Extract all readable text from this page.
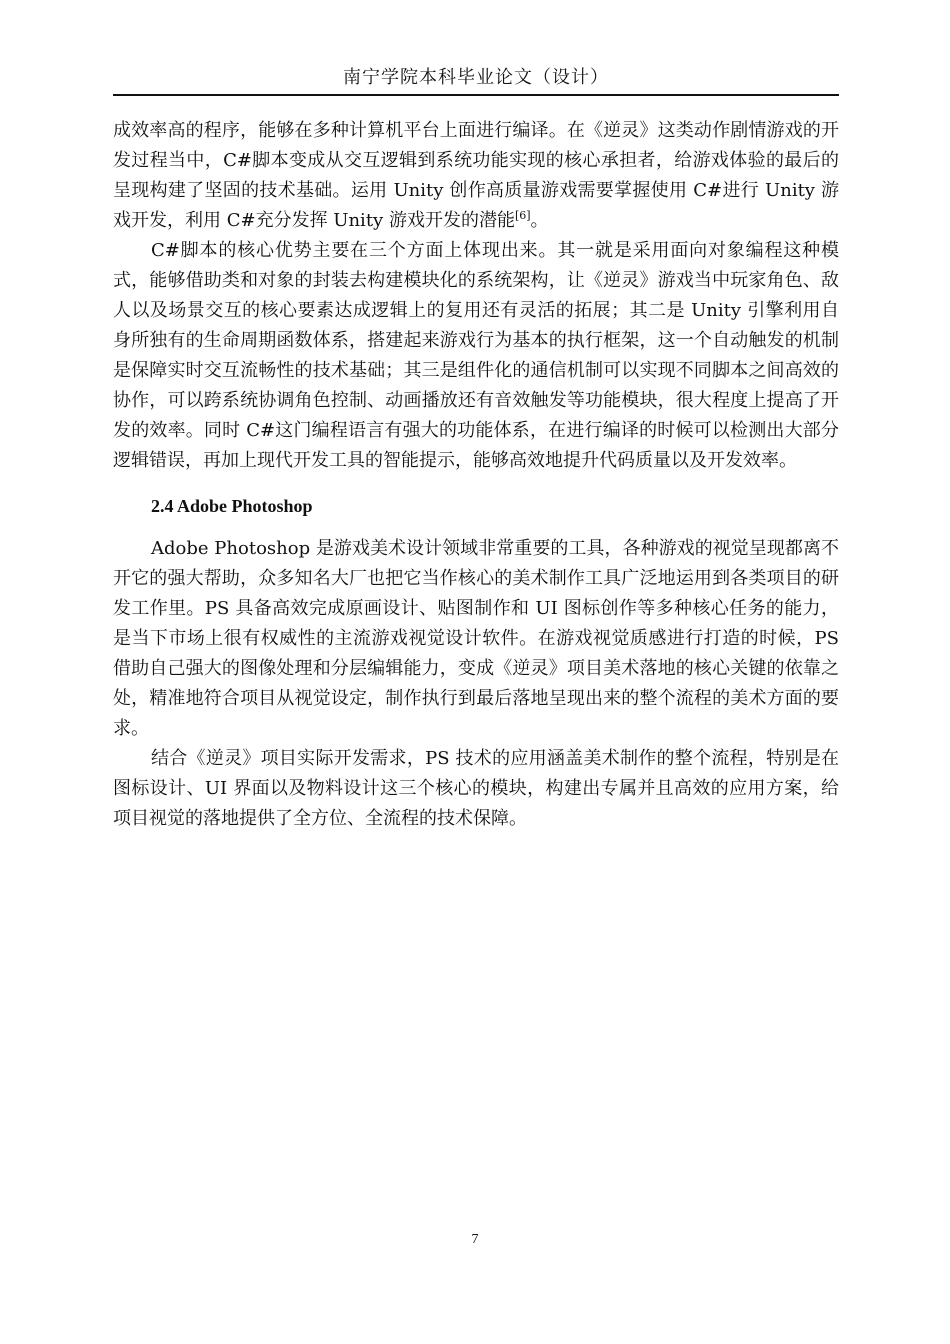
南宁学院本科毕业论文（设计）

成效率高的程序，能够在多种计算机平台上面进行编译。在《逆灵》这类动作剧情游戏的开发过程当中，C#脚本变成从交互逻辑到系统功能实现的核心承担者，给游戏体验的最后的呈现构建了坚固的技术基础。运用 Unity 创作高质量游戏需要掌握使用 C#进行 Unity 游戏开发，利用 C#充分发挥 Unity 游戏开发的潜能[6]。

C#脚本的核心优势主要在三个方面上体现出来。其一就是采用面向对象编程这种模式，能够借助类和对象的封装去构建模块化的系统架构，让《逆灵》游戏当中玩家角色、敌人以及场景交互的核心要素达成逻辑上的复用还有灵活的拓展；其二是 Unity 引擎利用自身所独有的生命周期函数体系，搭建起来游戏行为基本的执行框架，这一个自动触发的机制是保障实时交互流畅性的技术基础；其三是组件化的通信机制可以实现不同脚本之间高效的协作，可以跨系统协调角色控制、动画播放还有音效触发等功能模块，很大程度上提高了开发的效率。同时 C#这门编程语言有强大的功能体系，在进行编译的时候可以检测出大部分逻辑错误，再加上现代开发工具的智能提示，能够高效地提升代码质量以及开发效率。

2.4 Adobe Photoshop

Adobe Photoshop 是游戏美术设计领域非常重要的工具，各种游戏的视觉呈现都离不开它的强大帮助，众多知名大厂也把它当作核心的美术制作工具广泛地运用到各类项目的研发工作里。PS 具备高效完成原画设计、贴图制作和 UI 图标创作等多种核心任务的能力，是当下市场上很有权威性的主流游戏视觉设计软件。在游戏视觉质感进行打造的时候，PS 借助自己强大的图像处理和分层编辑能力，变成《逆灵》项目美术落地的核心关键的依靠之处，精准地符合项目从视觉设定，制作执行到最后落地呈现出来的整个流程的美术方面的要求。

结合《逆灵》项目实际开发需求，PS 技术的应用涵盖美术制作的整个流程，特别是在图标设计、UI 界面以及物料设计这三个核心的模块，构建出专属并且高效的应用方案，给项目视觉的落地提供了全方位、全流程的技术保障。

7
